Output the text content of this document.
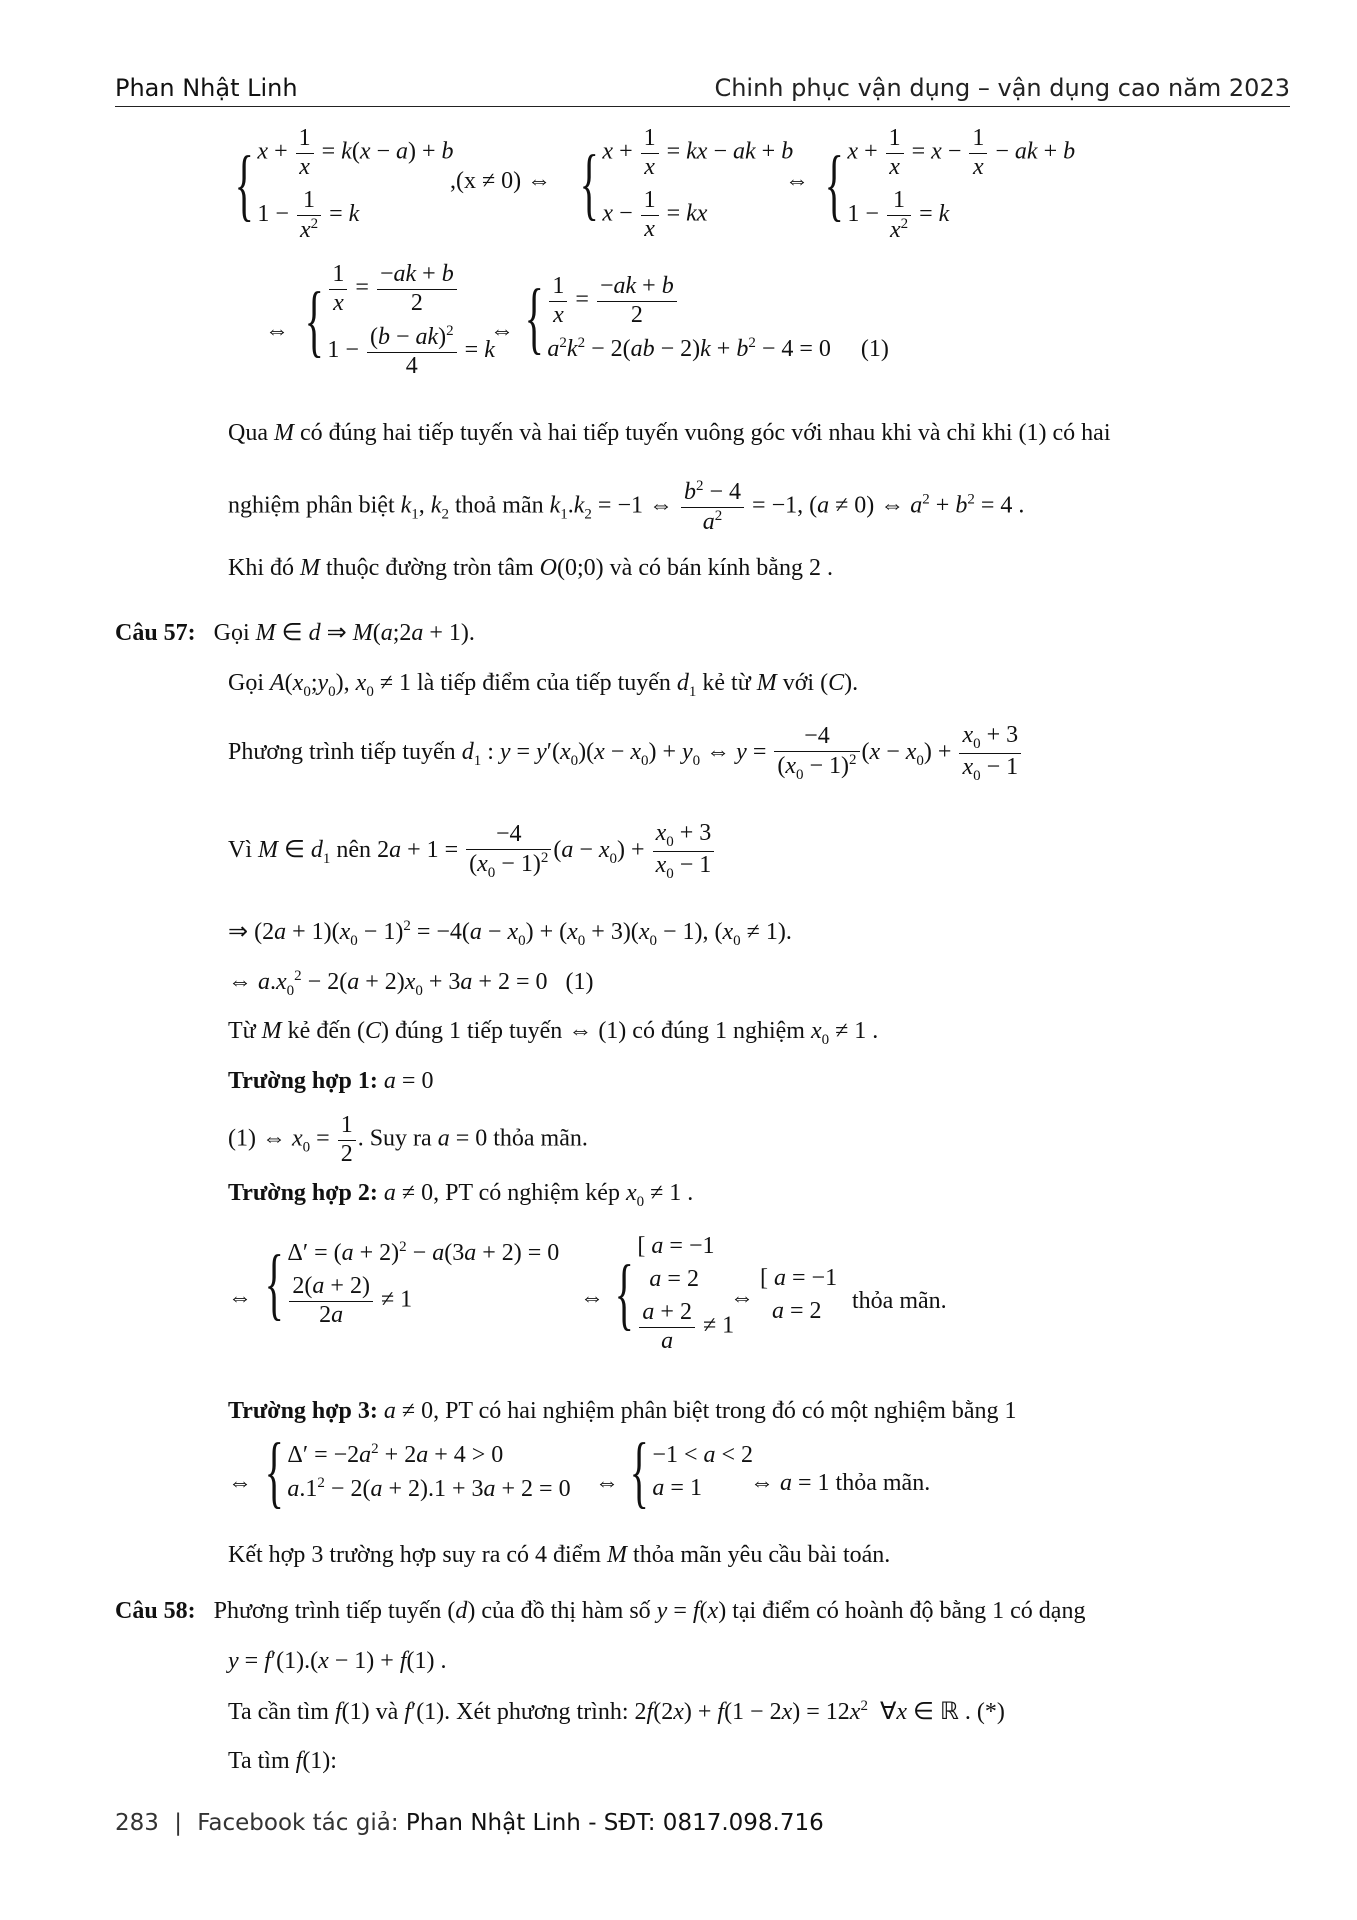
Phan Nhật Linh	Chinh phục vận dụng – vận dụng cao năm 2023
{ $x + \frac{1}{x} = k(x - a) + b$
$1 - \frac{1}{x^2} = k$
,(x ≠ 0) ⇔ { $x + \frac{1}{x}$ = kx − ak + b
$x - \frac{1}{x}$ = kx
⇔ { $x + \frac{1}{x} = x - \frac{1}{x}$ − ak + b
$1 - \frac{1}{x^2} = k$
⇔ { $\frac{1}{x} = \frac{-ak + b}{2}$
$1 - \frac{(b - ak)^2}{4} = k$
⇔ { $\frac{1}{x} = \frac{-ak + b}{2}$
$a^2k^2 - 2(ab - 2)k + b^2 - 4 = 0$     (1)
Qua M có đúng hai tiếp tuyến và hai tiếp tuyến vuông góc với nhau khi và chỉ khi (1) có hai
nghiệm phân biệt $k_1$, $k_2$ thoả mãn $k_1.k_2 = -1$ ⇔ $\frac{b^2 - 4}{a^2} = -1$, (a ≠ 0) ⇔ $a^2 + b^2 = 4$ .
Khi đó M thuộc đường tròn tâm O(0;0) và có bán kính bằng 2 .
Câu 57: Gọi M ∈ d ⇒ M(a;2a + 1).
Gọi $A(x_0;y_0)$, $x_0 \ne 1$ là tiếp điểm của tiếp tuyến $d_1$ kẻ từ M với (C).
Phương trình tiếp tuyến $d_1$ : $y = y'(x_0)(x - x_0) + y_0$ ⇔ $y = \frac{-4}{(x_0 - 1)^2} (x - x_0) + \frac{x_0 + 3}{x_0 - 1}$
Vì M ∈ $d_1$ nên $2a + 1 = \frac{-4}{(x_0 - 1)^2} (a - x_0) + \frac{x_0 + 3}{x_0 - 1}$
⇒ $(2a + 1)(x_0 - 1)^2 = -4(a - x_0) + (x_0 + 3)(x_0 - 1)$, $(x_0 \ne 1)$.
⇔ $a.x_0^2 - 2(a + 2)x_0 + 3a + 2 = 0$   (1)
Từ M kẻ đến (C) đúng 1 tiếp tuyến ⇔ (1) có đúng 1 nghiệm $x_0 \ne 1$ .
Trường hợp 1: a = 0
(1) ⇔ $x_0 = \frac{1}{2}$ . Suy ra a = 0 thỏa mãn.
Trường hợp 2: a ≠ 0, PT có nghiệm kép $x_0 \ne 1$ .
⇔ { $\Delta' = (a + 2)^2 - a(3a + 2) = 0$
$\frac{2(a + 2)}{2a} \ne 1$	⇔ {
[ a = −1
a = 2
$\frac{a + 2}{a} \ne 1$
⇔
[ a = −1
a = 2	thỏa mãn.
Trường hợp 3: a ≠ 0, PT có hai nghiệm phân biệt trong đó có một nghiệm bằng 1
⇔ { $\Delta' = -2a^2 + 2a + 4 > 0$
$a.1^2 - 2(a + 2).1 + 3a + 2 = 0$ ⇔ { −1 < a < 2
a = 1	⇔ a = 1 thỏa mãn.
Kết hợp 3 trường hợp suy ra có 4 điểm M thỏa mãn yêu cầu bài toán.
Câu 58: Phương trình tiếp tuyến (d) của đồ thị hàm số y = f(x) tại điểm có hoành độ bằng 1 có dạng
y = f′(1).(x − 1) + f(1) .
Ta cần tìm f(1) và f′(1). Xét phương trình: $2f(2x) + f(1 - 2x) = 12x^2$  ∀x ∈ ℝ . (*)
Ta tìm f(1):
283 | Facebook tác giả: Phan Nhật Linh - SĐT: 0817.098.716
